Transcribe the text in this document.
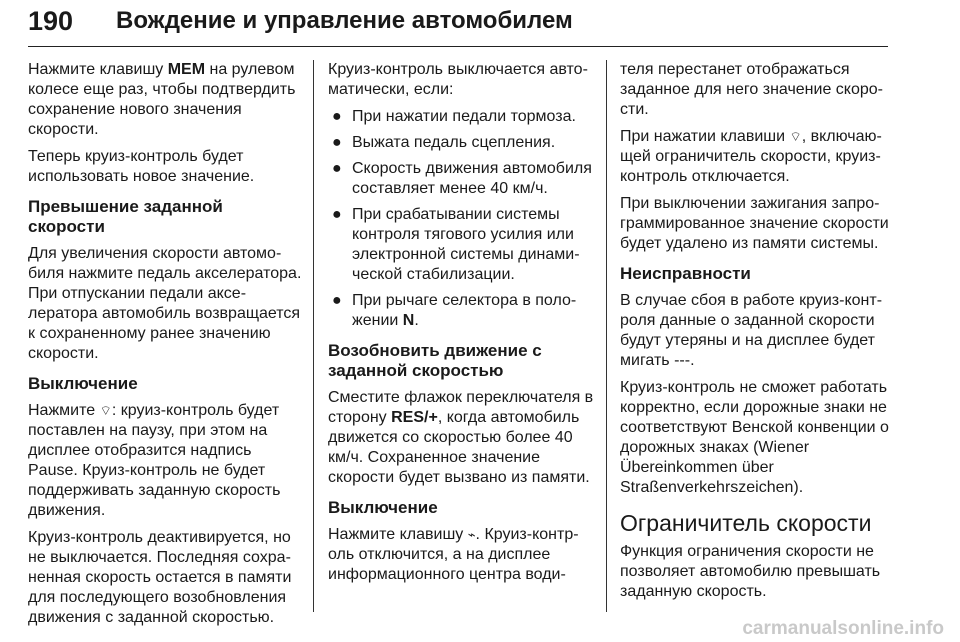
190 Вождение и управление автомобилем

Нажмите клавишу MEM на рулевом колесе еще раз, чтобы подтвердить сохранение нового значения скорости.

Теперь круиз-контроль будет использовать новое значение.

Превышение заданной скорости

Для увеличения скорости автомобиля нажмите педаль акселератора. При отпускании педали акселератора автомобиль возвращается к сохраненному ранее значению скорости.

Выключение

Нажмите ⌔: круиз-контроль будет поставлен на паузу, при этом на дисплее отобразится надпись Pause. Круиз-контроль не будет поддерживать заданную скорость движения.

Круиз-контроль деактивируется, но не выключается. Последняя сохраненная скорость остается в памяти для последующего возобновления движения с заданной скоростью.

Круиз-контроль выключается автоматически, если:

● При нажатии педали тормоза.
● Выжата педаль сцепления.
● Скорость движения автомобиля составляет менее 40 км/ч.
● При срабатывании системы контроля тягового усилия или электронной системы динамической стабилизации.
● При рычаге селектора в положении N.
Возобновить движение с заданной скоростью

Сместите флажок переключателя в сторону RES/+, когда автомобиль движется со скоростью более 40 км/ч. Сохраненное значение скорости будет вызвано из памяти.

Выключение

Нажмите клавишу ⌁. Круиз-контроль отключится, а на дисплее информационного центра води-

теля перестанет отображаться заданное для него значение скорости.

При нажатии клавиши ⌔, включающей ограничитель скорости, круиз-контроль отключается.

При выключении зажигания запрограммированное значение скорости будет удалено из памяти системы.

Неисправности

В случае сбоя в работе круиз-контроля данные о заданной скорости будут утеряны и на дисплее будет мигать ---.

Круиз-контроль не сможет работать корректно, если дорожные знаки не соответствуют Венской конвенции о дорожных знаках (Wiener Übereinkommen über Straßenverkehrszeichen).

Ограничитель скорости

Функция ограничения скорости не позволяет автомобилю превышать заданную скорость.

carmanualsonline.info
